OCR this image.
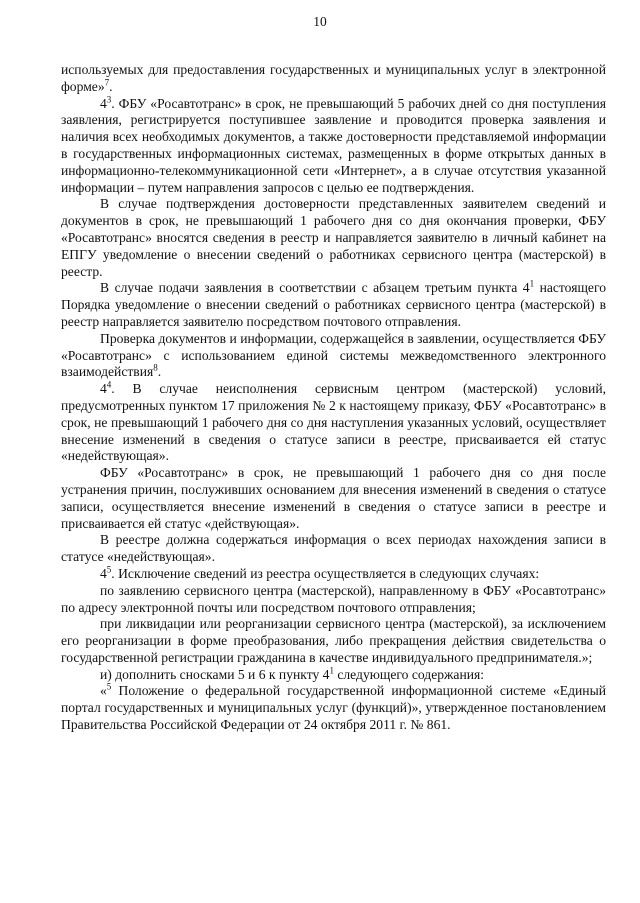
10

используемых для предоставления государственных и муниципальных услуг в электронной форме»$^7$.

$4^3$. ФБУ «Росавтотранс» в срок, не превышающий 5 рабочих дней со дня поступления заявления, регистрируется поступившее заявление и проводится проверка заявления и наличия всех необходимых документов, а также достоверности представляемой информации в государственных информационных системах, размещенных в форме открытых данных в информационно-телекоммуникационной сети «Интернет», а в случае отсутствия указанной информации – путем направления запросов с целью ее подтверждения.

В случае подтверждения достоверности представленных заявителем сведений и документов в срок, не превышающий 1 рабочего дня со дня окончания проверки, ФБУ «Росавтотранс» вносятся сведения в реестр и направляется заявителю в личный кабинет на ЕПГУ уведомление о внесении сведений о работниках сервисного центра (мастерской) в реестр.

В случае подачи заявления в соответствии с абзацем третьим пункта $4^1$ настоящего Порядка уведомление о внесении сведений о работниках сервисного центра (мастерской) в реестр направляется заявителю посредством почтового отправления.

Проверка документов и информации, содержащейся в заявлении, осуществляется ФБУ «Росавтотранс» с использованием единой системы межведомственного электронного взаимодействия$^8$.

$4^4$. В случае неисполнения сервисным центром (мастерской) условий, предусмотренных пунктом 17 приложения № 2 к настоящему приказу, ФБУ «Росавтотранс» в срок, не превышающий 1 рабочего дня со дня наступления указанных условий, осуществляет внесение изменений в сведения о статусе записи в реестре, присваивается ей статус «недействующая».

ФБУ «Росавтотранс» в срок, не превышающий 1 рабочего дня со дня после устранения причин, послуживших основанием для внесения изменений в сведения о статусе записи, осуществляется внесение изменений в сведения о статусе записи в реестре и присваивается ей статус «действующая».

В реестре должна содержаться информация о всех периодах нахождения записи в статусе «недействующая».

$4^5$. Исключение сведений из реестра осуществляется в следующих случаях:

по заявлению сервисного центра (мастерской), направленному в ФБУ «Росавтотранс» по адресу электронной почты или посредством почтового отправления;

при ликвидации или реорганизации сервисного центра (мастерской), за исключением его реорганизации в форме преобразования, либо прекращения действия свидетельства о государственной регистрации гражданина в качестве индивидуального предпринимателя.»;

и) дополнить сносками 5 и 6 к пункту $4^1$ следующего содержания:

«$^5$ Положение о федеральной государственной информационной системе «Единый портал государственных и муниципальных услуг (функций)», утвержденное постановлением Правительства Российской Федерации от 24 октября 2011 г. № 861.
